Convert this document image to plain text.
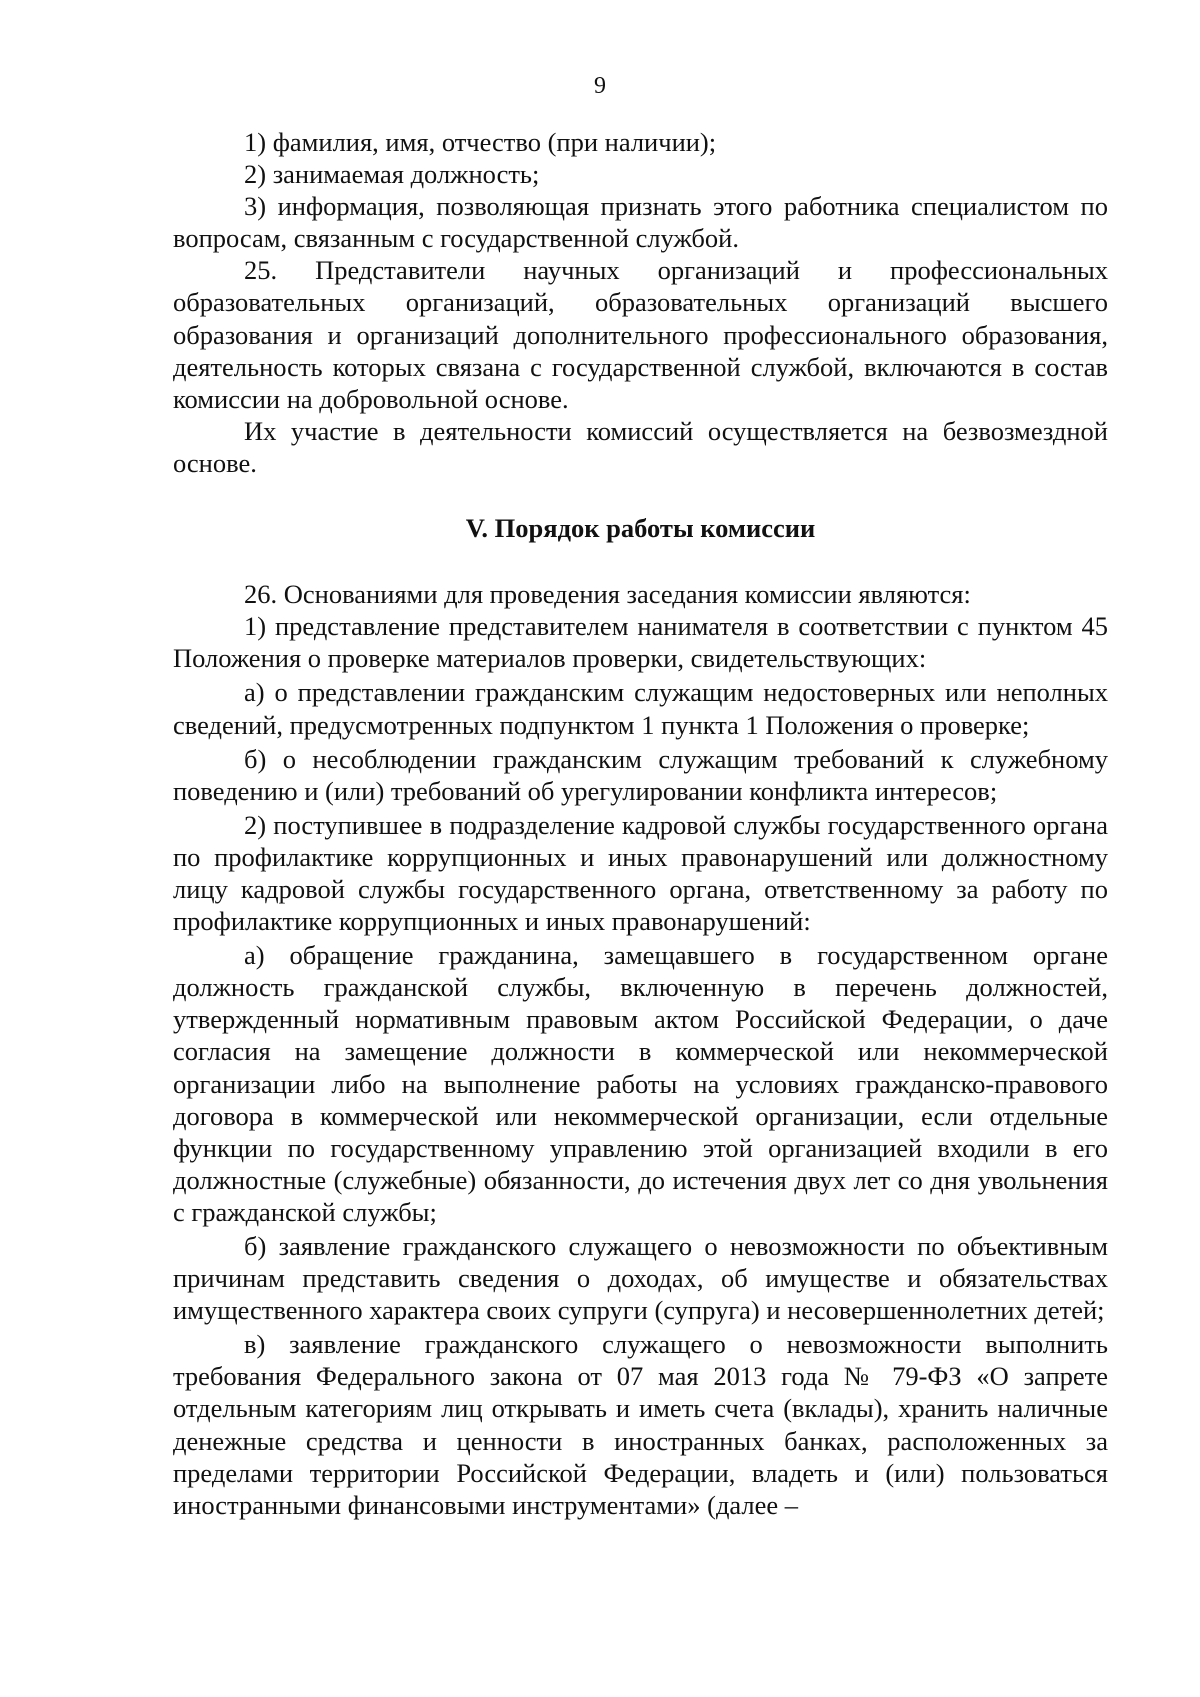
9

1) фамилия, имя, отчество (при наличии);

2) занимаемая должность;

3) информация, позволяющая признать этого работника специалистом по вопросам, связанным с государственной службой.

25. Представители научных организаций и профессиональных образовательных организаций, образовательных организаций высшего образования и организаций дополнительного профессионального образования, деятельность которых связана с государственной службой, включаются в состав комиссии на добровольной основе.

Их участие в деятельности комиссий осуществляется на безвозмездной основе.

V. Порядок работы комиссии

26. Основаниями для проведения заседания комиссии являются:

1) представление представителем нанимателя в соответствии с пунктом 45 Положения о проверке материалов проверки, свидетельствующих:

а) о представлении гражданским служащим недостоверных или неполных сведений, предусмотренных подпунктом 1 пункта 1 Положения о проверке;

б) о несоблюдении гражданским служащим требований к служебному поведению и (или) требований об урегулировании конфликта интересов;

2) поступившее в подразделение кадровой службы государственного органа по профилактике коррупционных и иных правонарушений или должностному лицу кадровой службы государственного органа, ответственному за работу по профилактике коррупционных и иных правонарушений:

а) обращение гражданина, замещавшего в государственном органе должность гражданской службы, включенную в перечень должностей, утвержденный нормативным правовым актом Российской Федерации, о даче согласия на замещение должности в коммерческой или некоммерческой организации либо на выполнение работы на условиях гражданско-правового договора в коммерческой или некоммерческой организации, если отдельные функции по государственному управлению этой организацией входили в его должностные (служебные) обязанности, до истечения двух лет со дня увольнения с гражданской службы;

б) заявление гражданского служащего о невозможности по объективным причинам представить сведения о доходах, об имуществе и обязательствах имущественного характера своих супруги (супруга) и несовершеннолетних детей;

в) заявление гражданского служащего о невозможности выполнить требования Федерального закона от 07 мая 2013 года № 79-ФЗ «О запрете отдельным категориям лиц открывать и иметь счета (вклады), хранить наличные денежные средства и ценности в иностранных банках, расположенных за пределами территории Российской Федерации, владеть и (или) пользоваться иностранными финансовыми инструментами» (далее –
